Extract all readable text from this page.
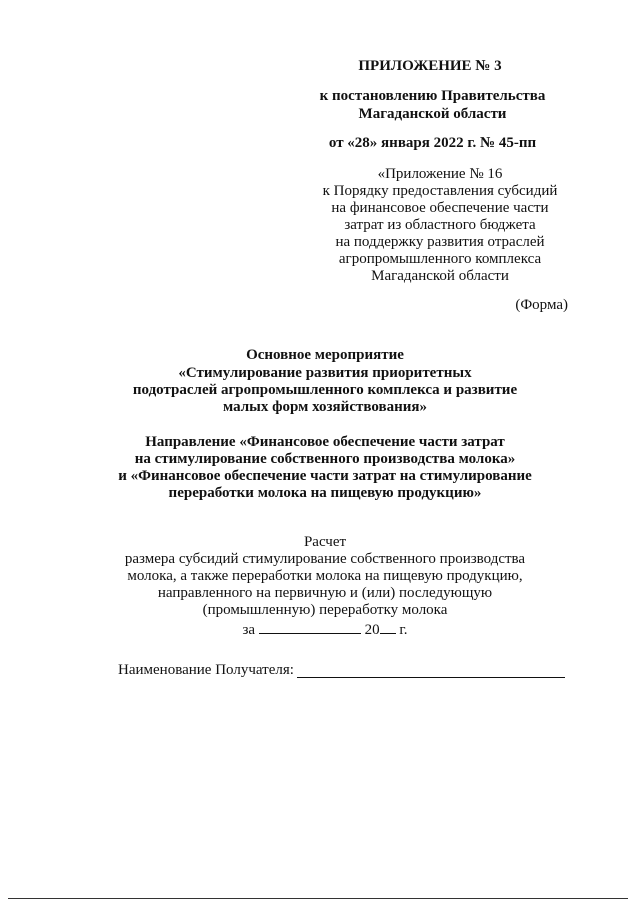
ПРИЛОЖЕНИЕ № 3
к постановлению Правительства
Магаданской области
от «28» января 2022 г. № 45-пп
«Приложение № 16
к Порядку предоставления субсидий
на финансовое обеспечение части
затрат из областного бюджета
на поддержку развития отраслей
агропромышленного комплекса
Магаданской области
(Форма)
Основное мероприятие
«Стимулирование развития приоритетных
подотраслей агропромышленного комплекса и развитие
малых форм хозяйствования»
Направление «Финансовое обеспечение части затрат
на стимулирование собственного производства молока»
и «Финансовое обеспечение части затрат на стимулирование
переработки молока на пищевую продукцию»
Расчет
размера субсидий стимулирование собственного производства
молока, а также переработки молока на пищевую продукцию,
направленного на первичную и (или) последующую
(промышленную) переработку молока
за	20 г.
Наименование Получателя:
